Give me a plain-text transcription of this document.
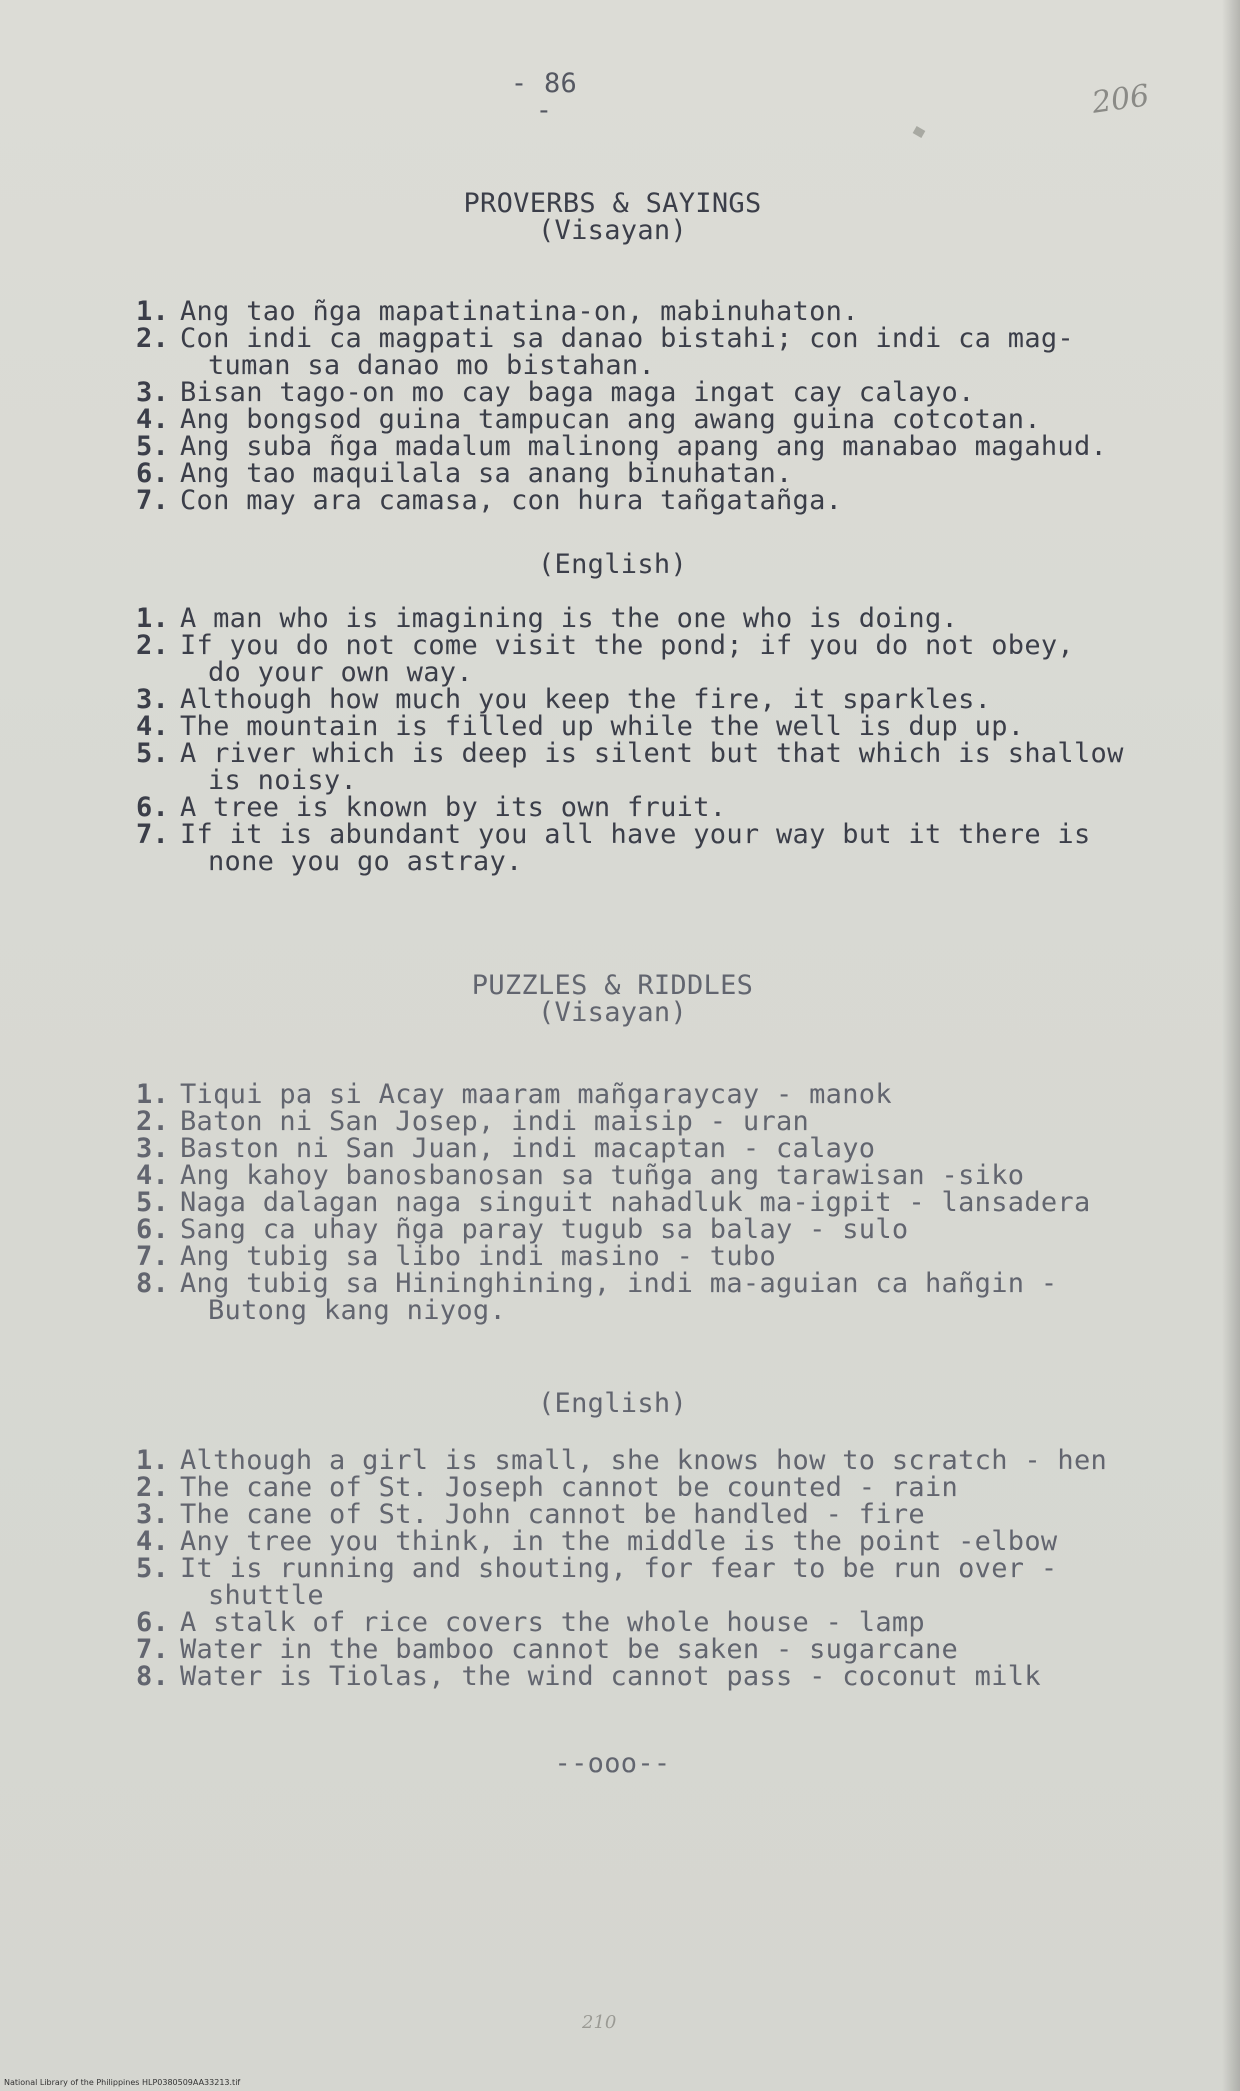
- 86 -	206
PROVERBS & SAYINGS
(Visayan)
1. Ang tao ñga mapatinatina-on, mabinuhaton.
2. Con indi ca magpati sa danao bistahi; con indi ca mag-
tuman sa danao mo bistahan.
3. Bisan tago-on mo cay baga maga ingat cay calayo.
4. Ang bongsod guina tampucan ang awang guina cotcotan.
5. Ang suba ñga madalum malinong apang ang manabao magahud.
6. Ang tao maquilala sa anang binuhatan.
7. Con may ara camasa, con hura tañgatañga.
(English)
1. A man who is imagining is the one who is doing.
2. If you do not come visit the pond; if you do not obey,
do your own way.
3. Although how much you keep the fire, it sparkles.
4. The mountain is filled up while the well is dup up.
5. A river which is deep is silent but that which is shallow
is noisy.
6. A tree is known by its own fruit.
7. If it is abundant you all have your way but it there is
none you go astray.
PUZZLES & RIDDLES
(Visayan)
1. Tiqui pa si Acay maaram mañgaraycay - manok
2. Baton ni San Josep, indi maisip - uran
3. Baston ni San Juan, indi macaptan - calayo
4. Ang kahoy banosbanosan sa tuñga ang tarawisan -siko
5. Naga dalagan naga singuit nahadluk ma-igpit - lansadera
6. Sang ca uhay ñga paray tugub sa balay - sulo
7. Ang tubig sa libo indi masino - tubo
8. Ang tubig sa Hininghining, indi ma-aguian ca hañgin -
Butong kang niyog.
(English)
1. Although a girl is small, she knows how to scratch - hen
2. The cane of St. Joseph cannot be counted - rain
3. The cane of St. John cannot be handled - fire
4. Any tree you think, in the middle is the point -elbow
5. It is running and shouting, for fear to be run over -
shuttle
6. A stalk of rice covers the whole house - lamp
7. Water in the bamboo cannot be saken - sugarcane
8. Water is Tiolas, the wind cannot pass - coconut milk
--ooo--
210
National Library of the Philippines HLP0380509AA33213.tif
